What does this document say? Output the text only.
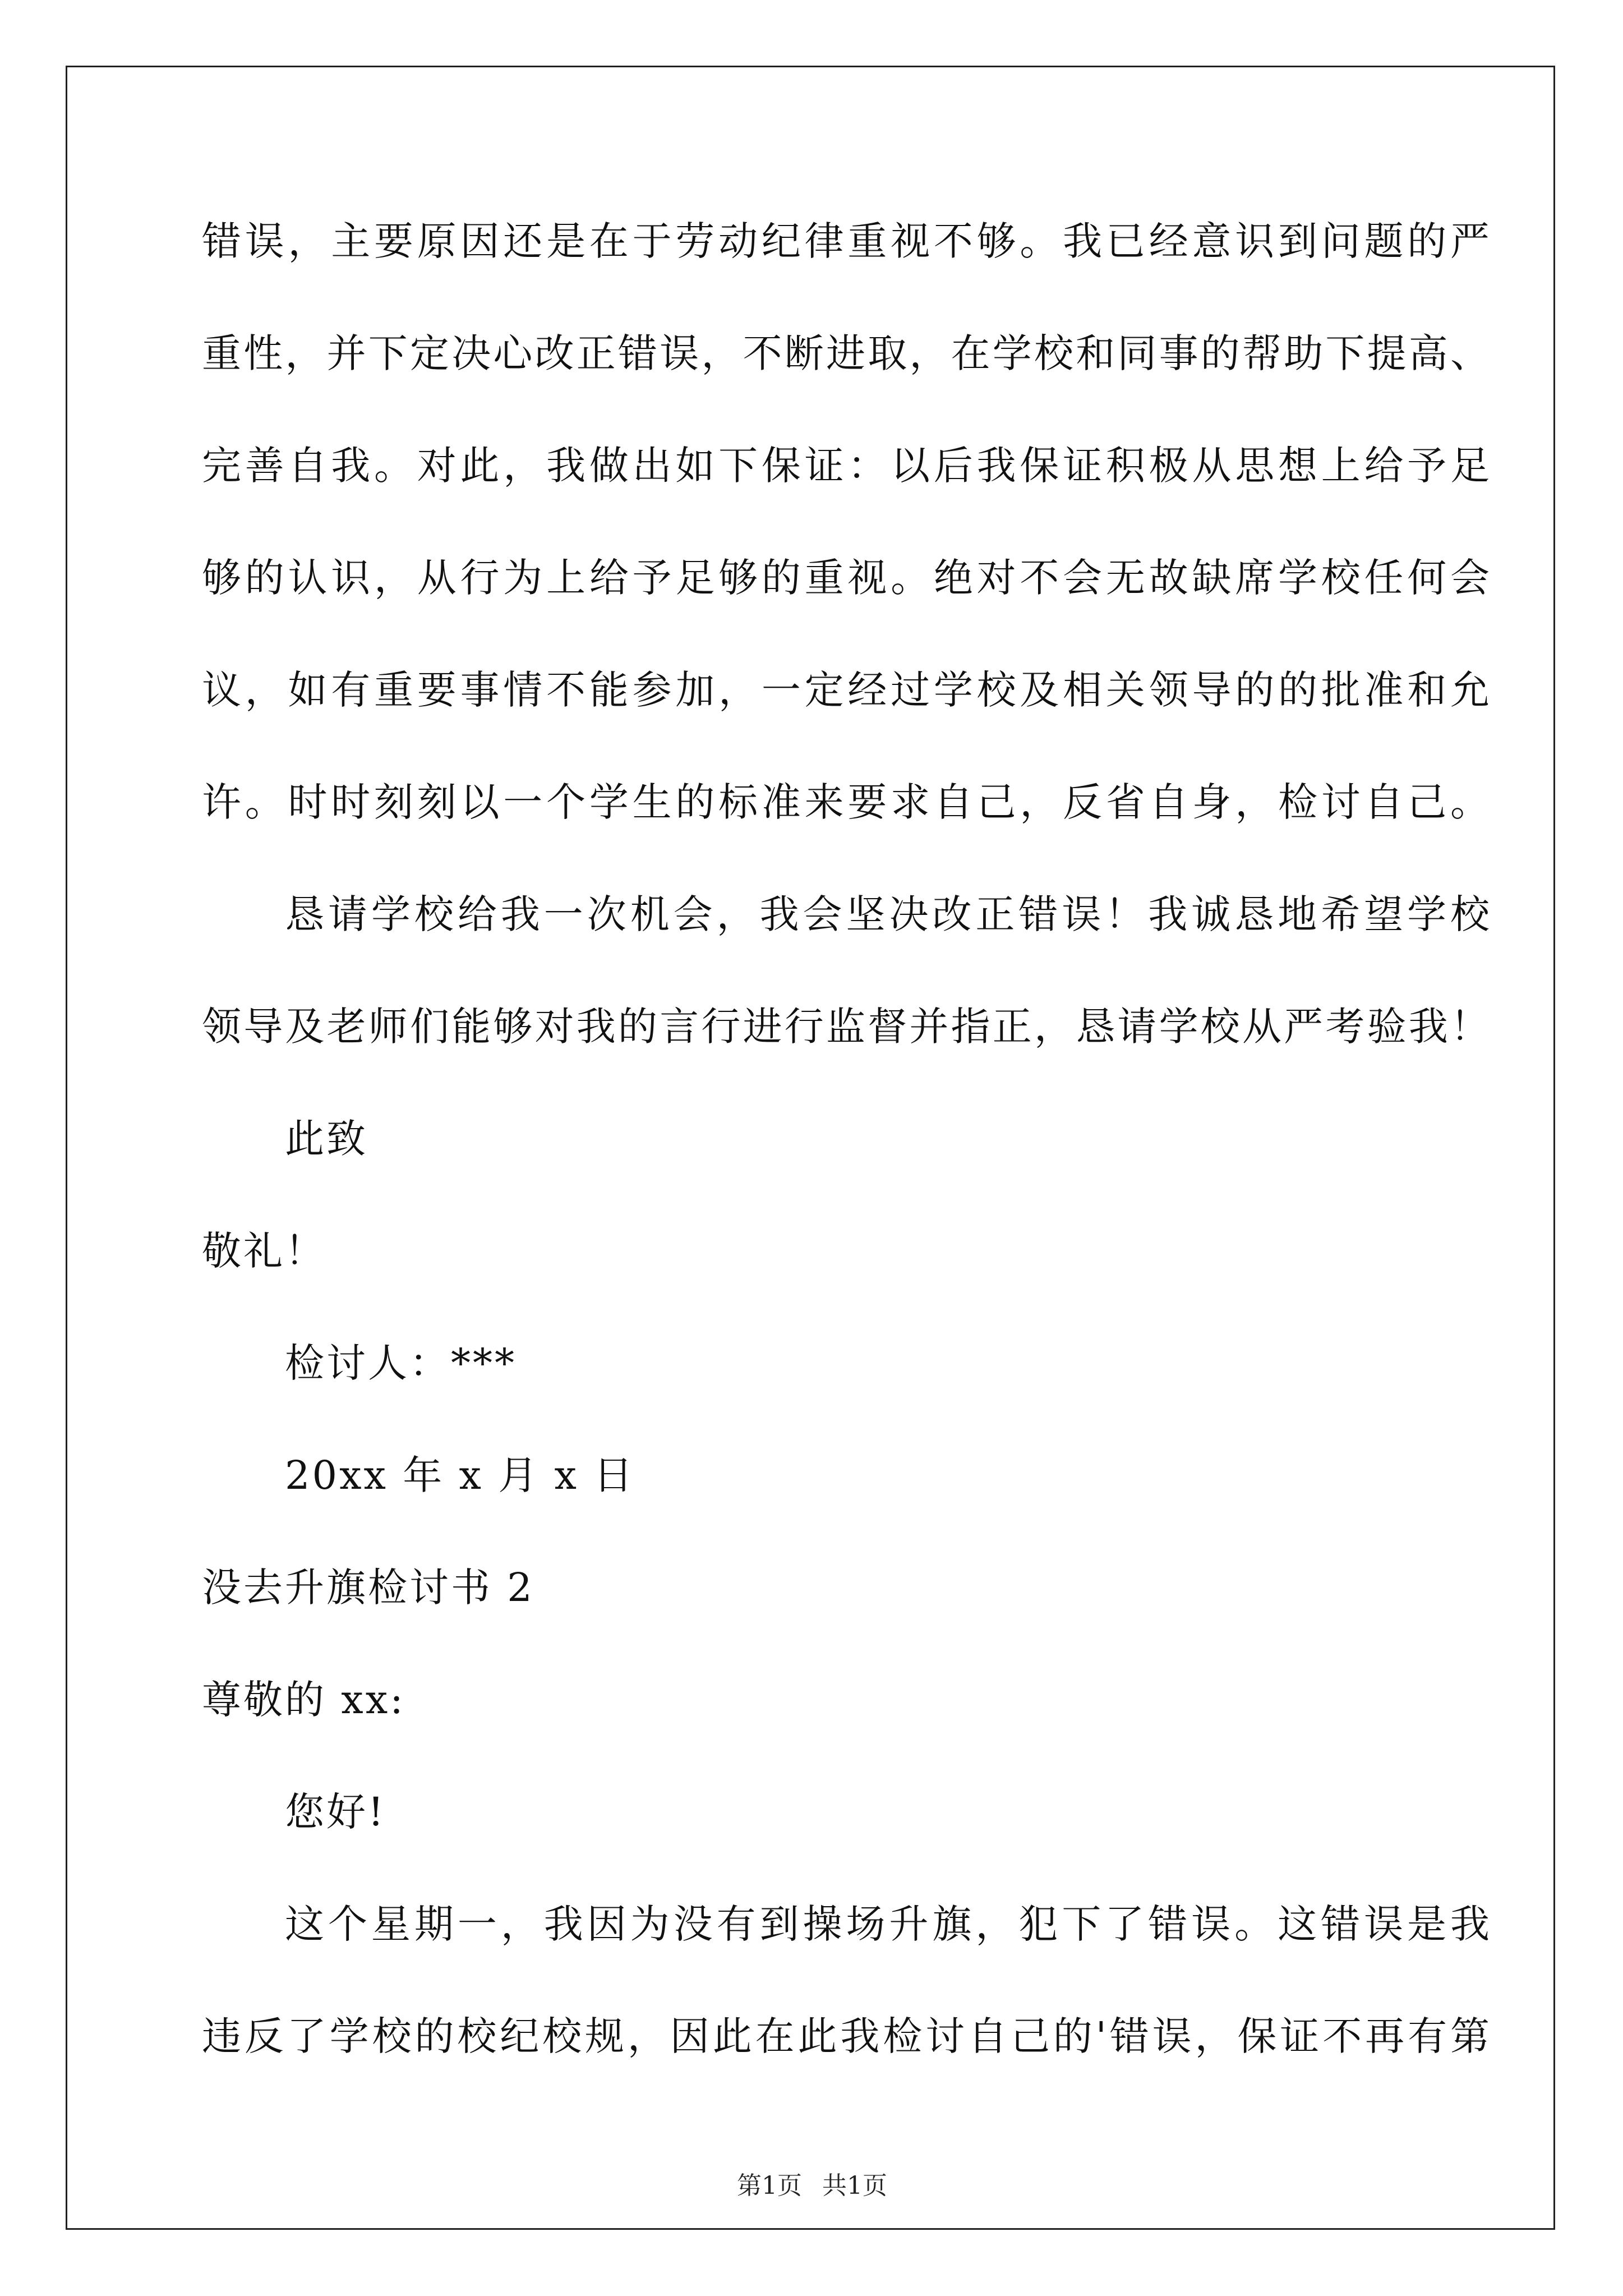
错误，主要原因还是在于劳动纪律重视不够。我已经意识到问题的严
重性，并下定决心改正错误，不断进取，在学校和同事的帮助下提高、
完善自我。对此，我做出如下保证：以后我保证积极从思想上给予足
够的认识，从行为上给予足够的重视。绝对不会无故缺席学校任何会
议，如有重要事情不能参加，一定经过学校及相关领导的的批准和允
许。时时刻刻以一个学生的标准来要求自己，反省自身，检讨自己。
恳请学校给我一次机会，我会坚决改正错误！我诚恳地希望学校
领导及老师们能够对我的言行进行监督并指正，恳请学校从严考验我！
此致
敬礼！
检讨人：***
20xx 年 x 月 x 日
没去升旗检讨书 2
尊敬的 xx:
您好!
这个星期一，我因为没有到操场升旗，犯下了错误。这错误是我
违反了学校的校纪校规，因此在此我检讨自己的'错误，保证不再有第
第1页 共1页
